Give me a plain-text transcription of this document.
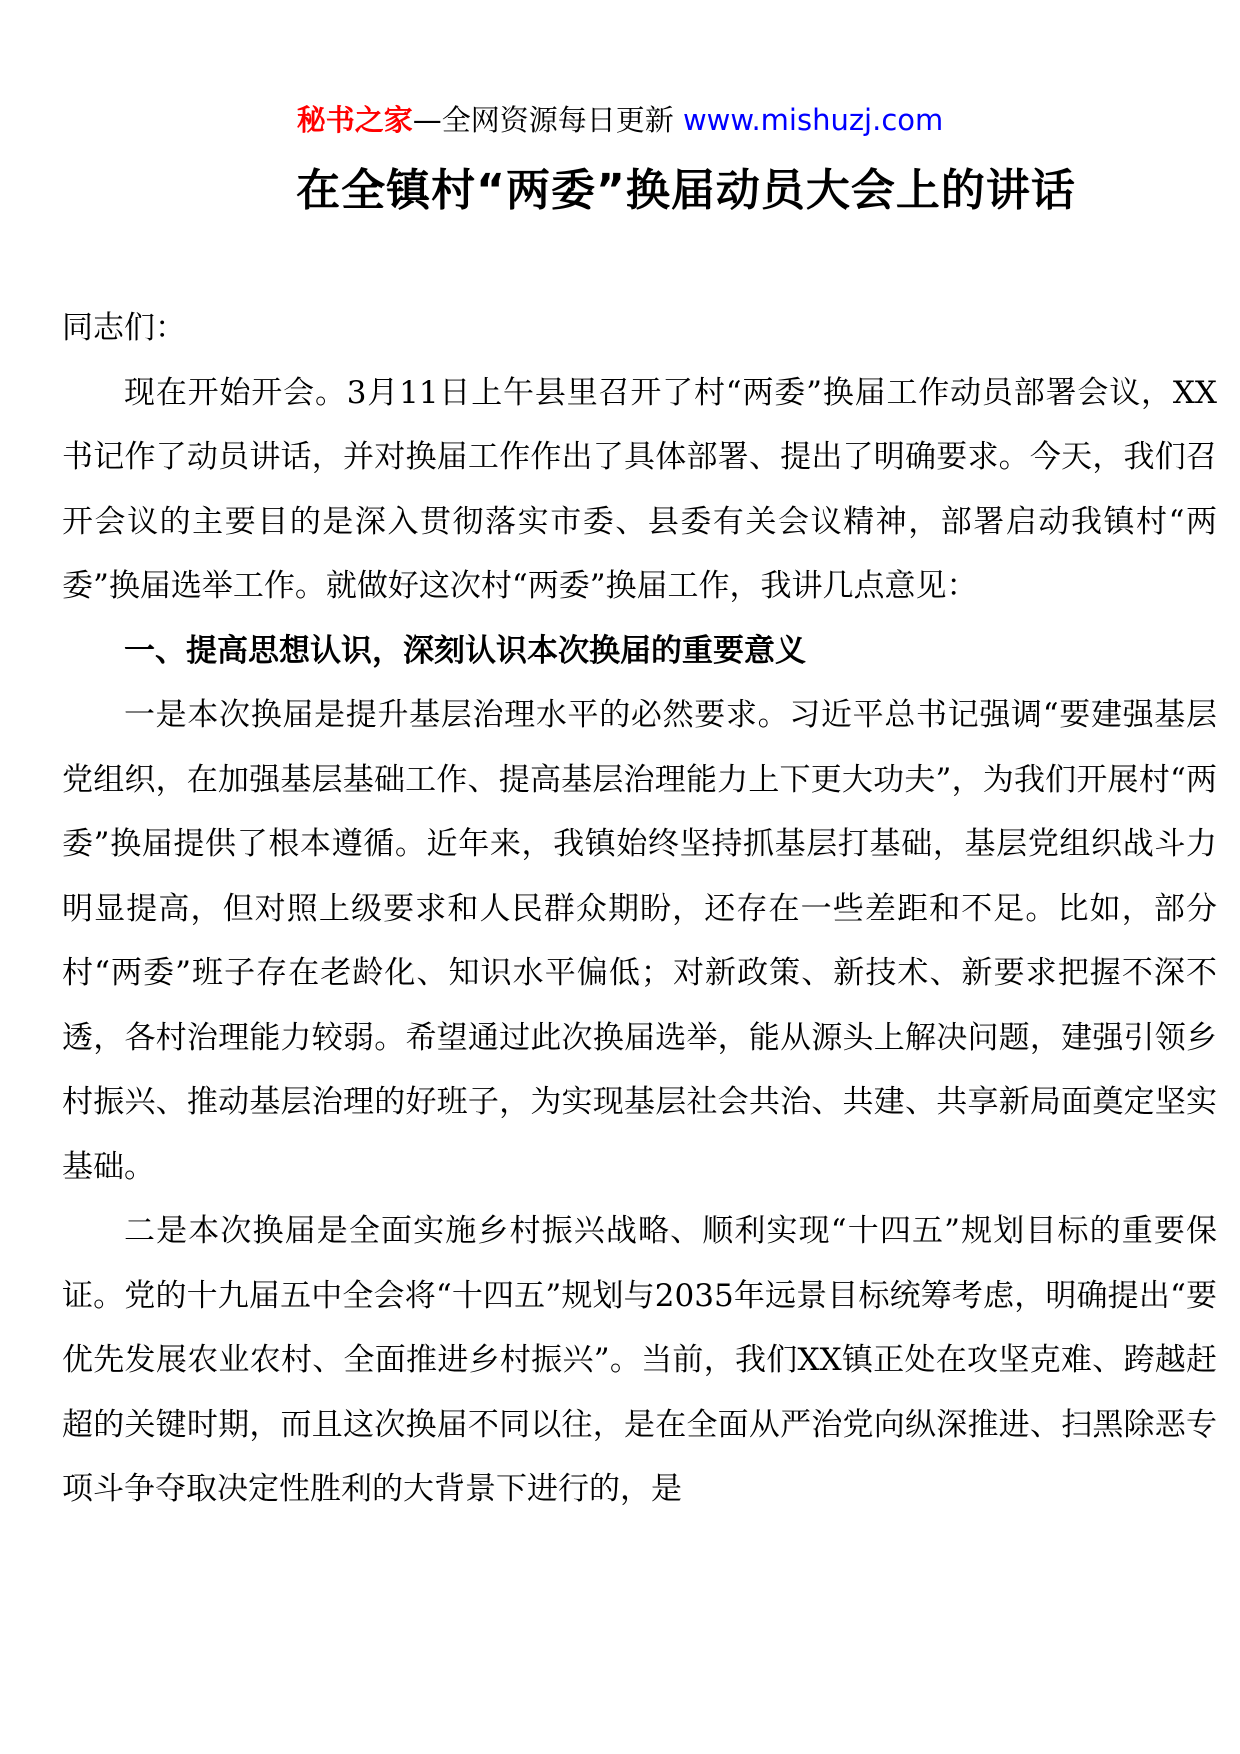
秘书之家—全网资源每日更新 www.mishuzj.com
在全镇村“两委”换届动员大会上的讲话

同志们：

现在开始开会。3月11日上午县里召开了村“两委”换届工作动员部署会议，XX书记作了动员讲话，并对换届工作作出了具体部署、提出了明确要求。今天，我们召开会议的主要目的是深入贯彻落实市委、县委有关会议精神，部署启动我镇村“两委”换届选举工作。就做好这次村“两委”换届工作，我讲几点意见：

一、提高思想认识，深刻认识本次换届的重要意义

一是本次换届是提升基层治理水平的必然要求。习近平总书记强调“要建强基层党组织，在加强基层基础工作、提高基层治理能力上下更大功夫”，为我们开展村“两委”换届提供了根本遵循。近年来，我镇始终坚持抓基层打基础，基层党组织战斗力明显提高，但对照上级要求和人民群众期盼，还存在一些差距和不足。比如，部分村“两委”班子存在老龄化、知识水平偏低；对新政策、新技术、新要求把握不深不透，各村治理能力较弱。希望通过此次换届选举，能从源头上解决问题，建强引领乡村振兴、推动基层治理的好班子，为实现基层社会共治、共建、共享新局面奠定坚实基础。

二是本次换届是全面实施乡村振兴战略、顺利实现“十四五”规划目标的重要保证。党的十九届五中全会将“十四五”规划与2035年远景目标统筹考虑，明确提出“要优先发展农业农村、全面推进乡村振兴”。当前，我们XX镇正处在攻坚克难、跨越赶超的关键时期，而且这次换届不同以往，是在全面从严治党向纵深推进、扫黑除恶专项斗争夺取决定性胜利的大背景下进行的，是
